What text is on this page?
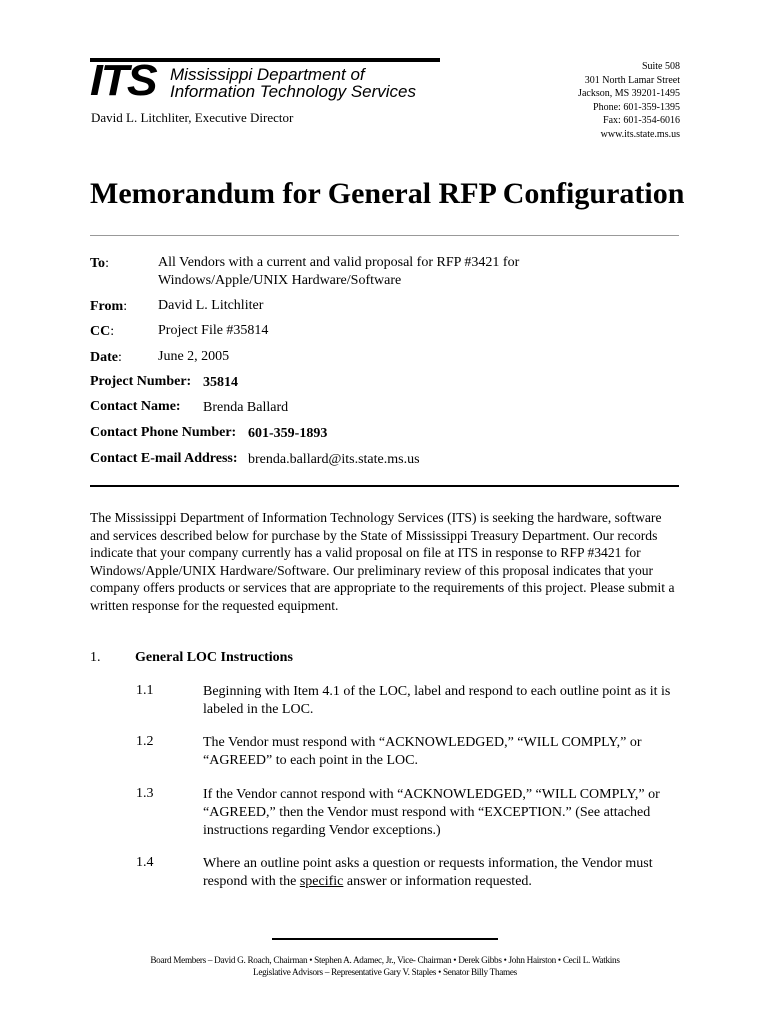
ITS Mississippi Department of
Information Technology Services
David L. Litchliter, Executive Director
Suite 508
301 North Lamar Street
Jackson, MS 39201-1495
Phone: 601-359-1395
Fax: 601-354-6016
www.its.state.ms.us
Memorandum for General RFP Configuration
To:	All Vendors with a current and valid proposal for RFP #3421 for
Windows/Apple/UNIX Hardware/Software
From: David L. Litchliter
CC:	Project File #35814
Date:	June 2, 2005
Project Number: 35814
Contact Name: Brenda Ballard
Contact Phone Number: 601-359-1893
Contact E-mail Address: brenda.ballard@its.state.ms.us
The Mississippi Department of Information Technology Services (ITS) is seeking the hardware, software and services described below for purchase by the State of Mississippi Treasury Department. Our records indicate that your company currently has a valid proposal on file at ITS in response to RFP #3421 for Windows/Apple/UNIX Hardware/Software. Our preliminary review of this proposal indicates that your company offers products or services that are appropriate to the requirements of this project. Please submit a written response for the requested equipment.
1. General LOC Instructions
1.1	Beginning with Item 4.1 of the LOC, label and respond to each outline point as it is labeled in the LOC.
1.2	The Vendor must respond with “ACKNOWLEDGED,” “WILL COMPLY,” or “AGREED” to each point in the LOC.
1.3	If the Vendor cannot respond with “ACKNOWLEDGED,” “WILL COMPLY,” or “AGREED,” then the Vendor must respond with “EXCEPTION.” (See attached instructions regarding Vendor exceptions.)
1.4	Where an outline point asks a question or requests information, the Vendor must respond with the specific answer or information requested.
Board Members – David G. Roach, Chairman • Stephen A. Adamec, Jr., Vice- Chairman • Derek Gibbs • John Hairston • Cecil L. Watkins
Legislative Advisors – Representative Gary V. Staples • Senator Billy Thames
